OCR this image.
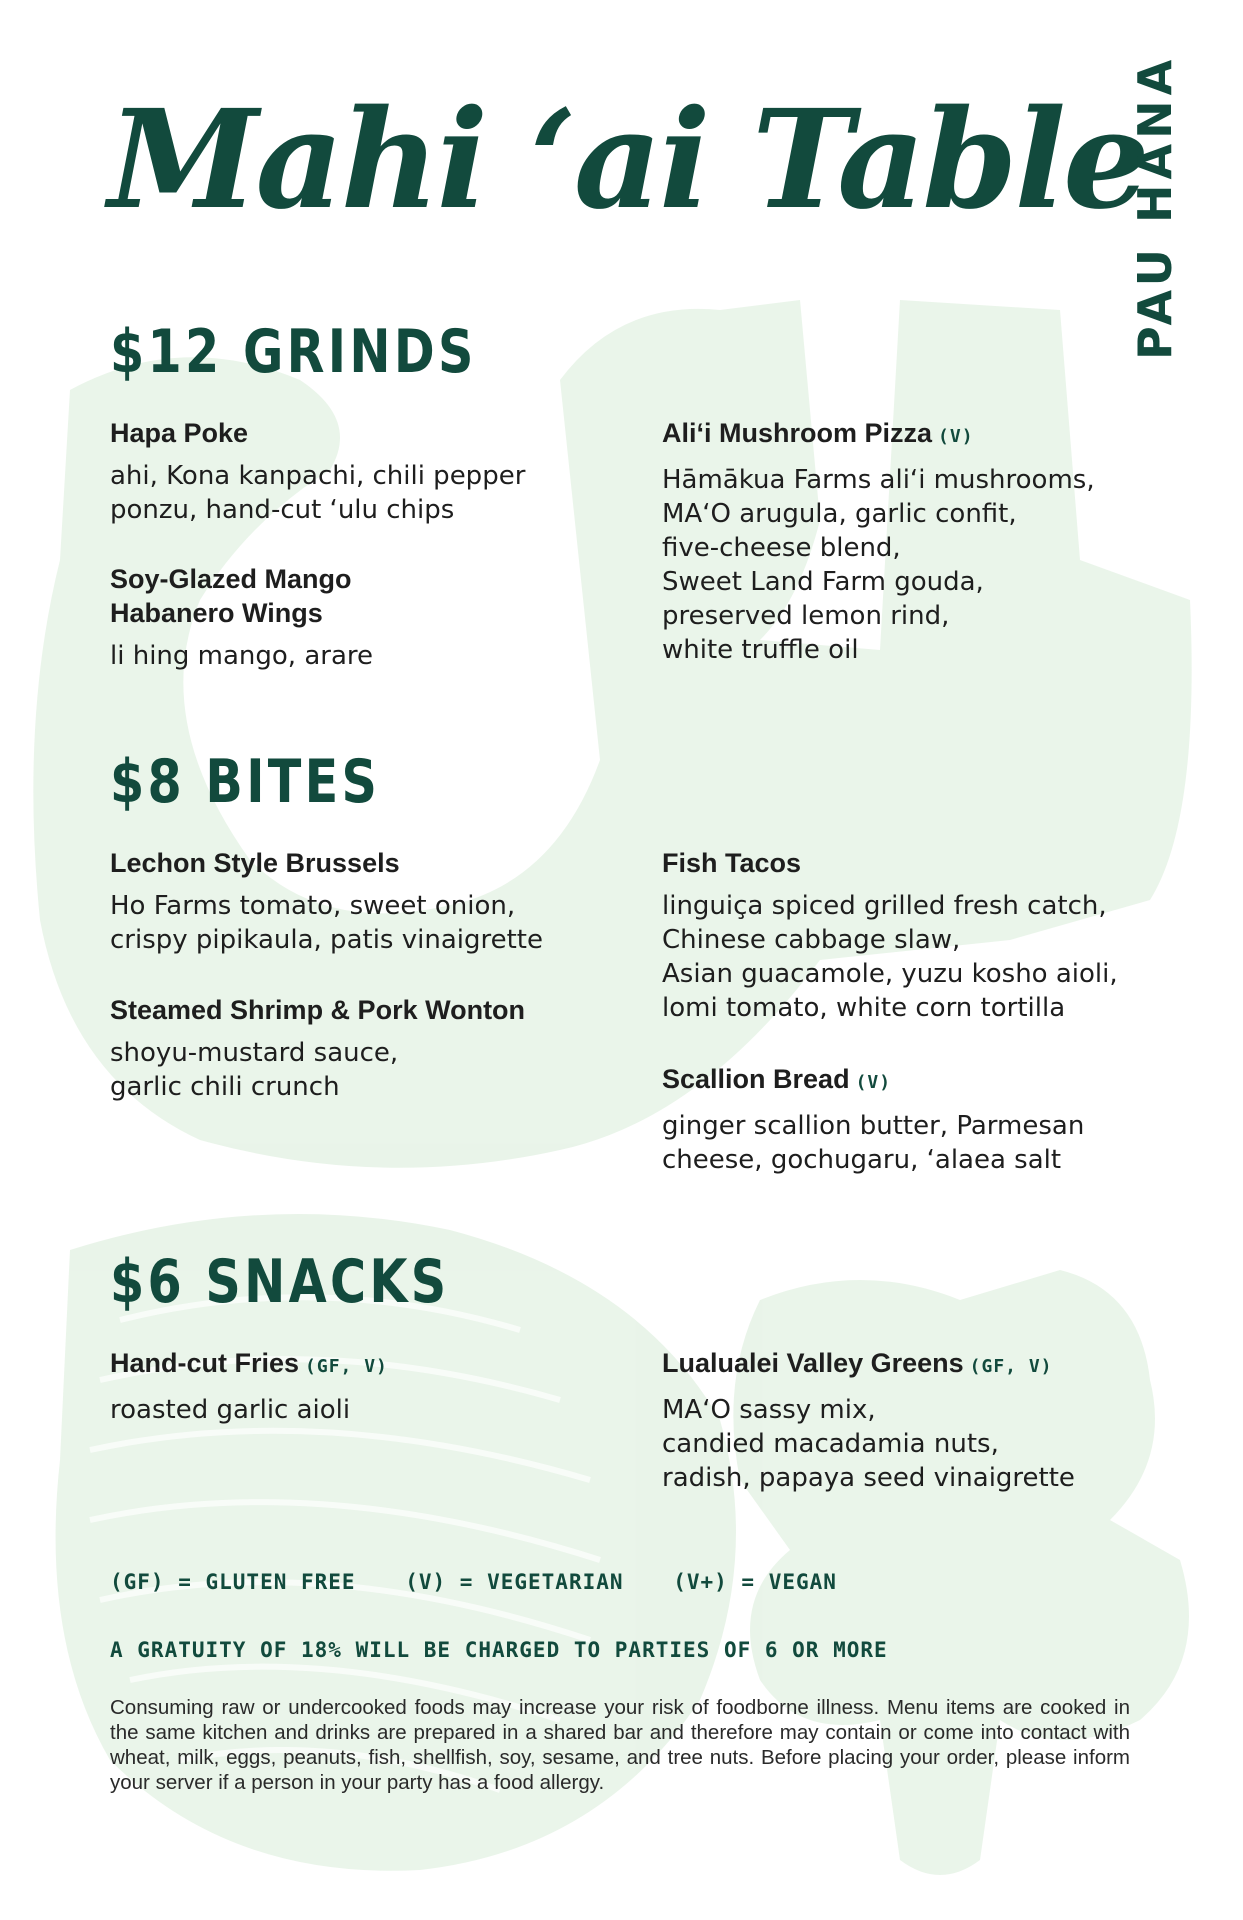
Mahi ‘ai Table
PAU HANA
$12 GRINDS
Hapa Poke
ahi, Kona kanpachi, chili pepper
ponzu, hand-cut ‘ulu chips
Ali‘i Mushroom Pizza (V)
Hāmākua Farms ali‘i mushrooms,
MA‘O arugula, garlic confit,
five-cheese blend,
Sweet Land Farm gouda,
preserved lemon rind,
white truffle oil
Soy-Glazed Mango
Habanero Wings
li hing mango, arare
$8 BITES
Lechon Style Brussels
Ho Farms tomato, sweet onion,
crispy pipikaula, patis vinaigrette
Fish Tacos
linguiça spiced grilled fresh catch,
Chinese cabbage slaw,
Asian guacamole, yuzu kosho aioli,
lomi tomato, white corn tortilla
Steamed Shrimp & Pork Wonton
shoyu-mustard sauce,
garlic chili crunch	Scallion Bread (V)
ginger scallion butter, Parmesan
cheese, gochugaru, ‘alaea salt
$6 SNACKS
Hand-cut Fries (GF, V)
roasted garlic aioli
Lualualei Valley Greens (GF, V)
MA‘O sassy mix,
candied macadamia nuts,
radish, papaya seed vinaigrette
(GF) = GLUTEN FREE (V) = VEGETARIAN (V+) = VEGAN
A GRATUITY OF 18% WILL BE CHARGED TO PARTIES OF 6 OR MORE
Consuming raw or undercooked foods may increase your risk of foodborne illness. Menu items are cooked in the same kitchen and drinks are prepared in a shared bar and therefore may contain or come into contact with wheat, milk, eggs, peanuts, fish, shellfish, soy, sesame, and tree nuts. Before placing your order, please inform your server if a person in your party has a food allergy.
